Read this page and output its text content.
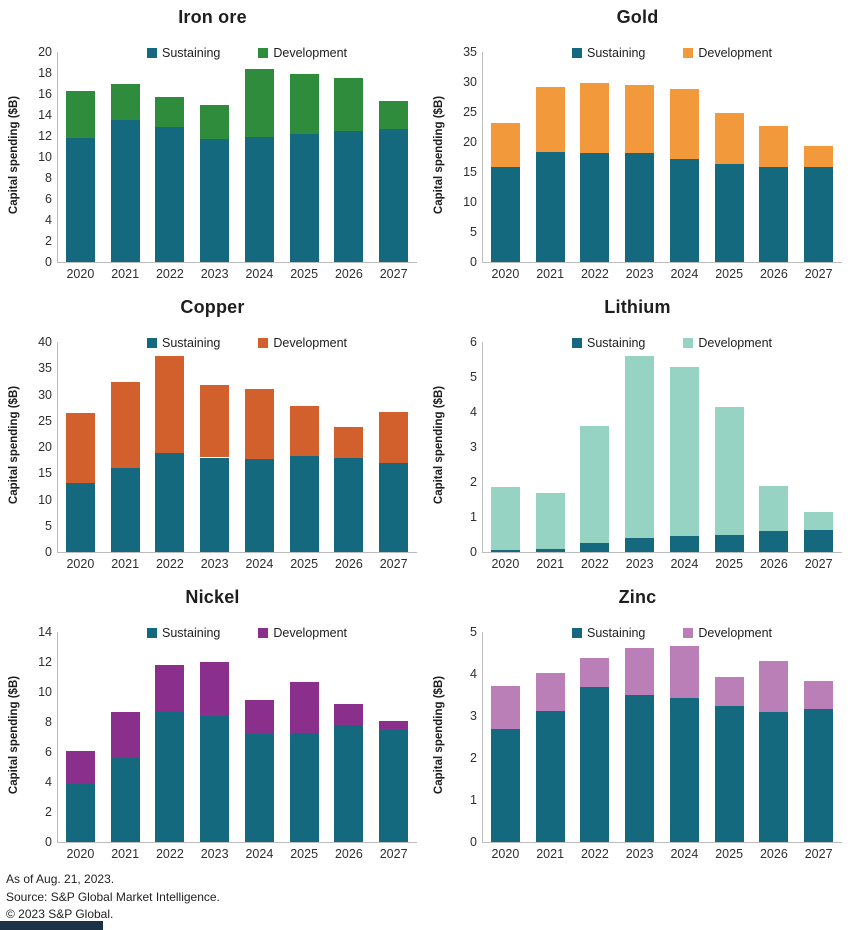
Iron ore
Capital spending ($B)
0
2
4
6
8
10
12
14
16
18
20
2020	2021	2022	2023	2024	2025	2026	2027
Sustaining	Development
Gold
Capital spending ($B)
0
5
10
15
20
25
30
35
2020	2021	2022	2023	2024	2025	2026	2027
Sustaining	Development
Copper
Capital spending ($B)
0
5
10
15
20
25
30
35
40
2020	2021	2022	2023	2024	2025	2026	2027
Sustaining	Development
Lithium
Capital spending ($B)
0
1
2
3
4
5
6
2020	2021	2022	2023	2024	2025	2026	2027
Sustaining	Development
Nickel
Capital spending ($B)
0
2
4
6
8
10
12
14
2020	2021	2022	2023	2024	2025	2026	2027
Sustaining	Development
Zinc
Capital spending ($B)
0
1
2
3
4
5
2020	2021	2022	2023	2024	2025	2026	2027
Sustaining	Development
As of Aug. 21, 2023.
Source: S&P Global Market Intelligence.
© 2023 S&P Global.
